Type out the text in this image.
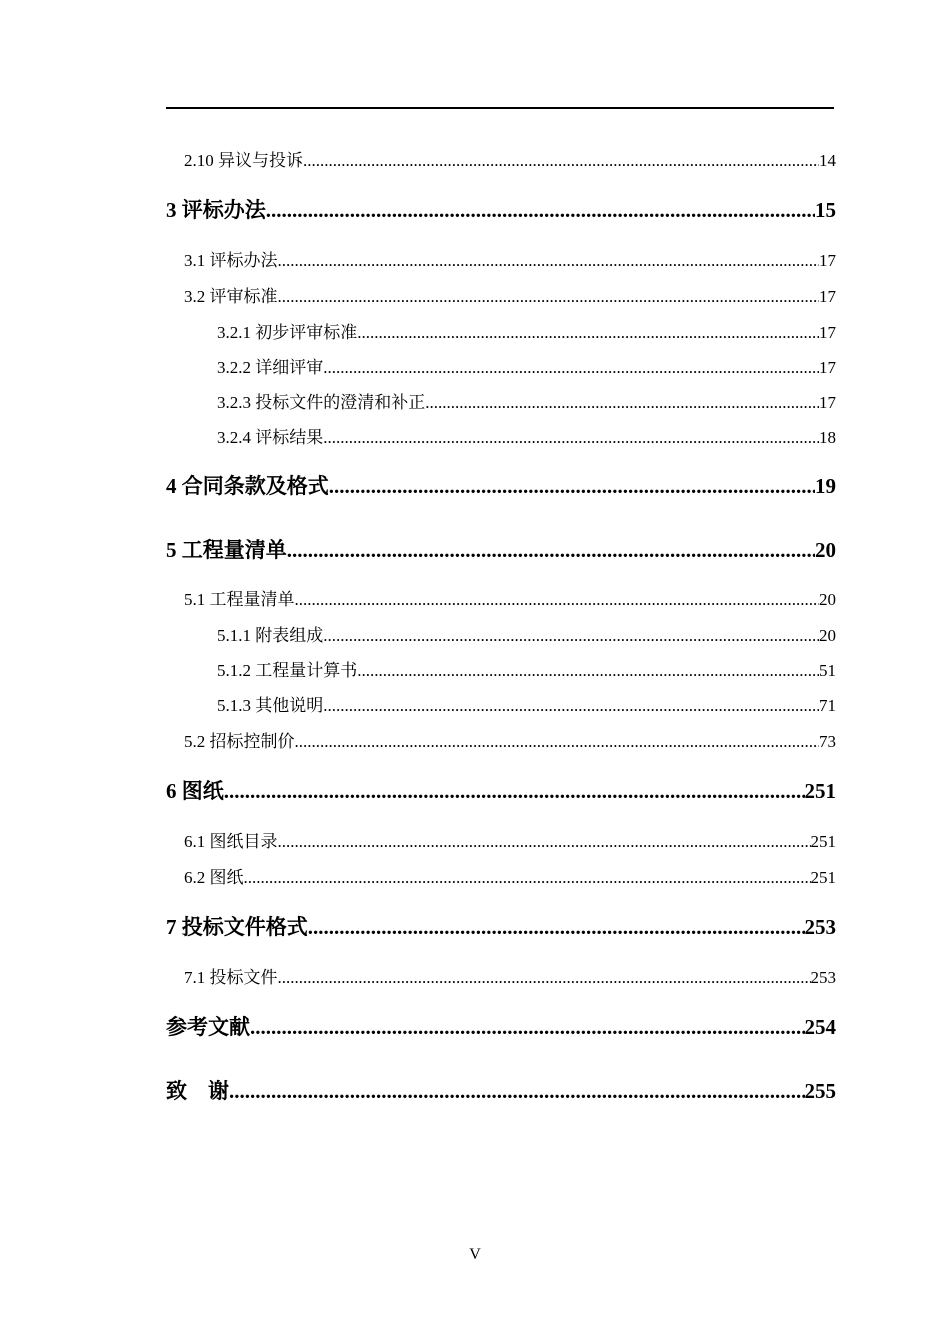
2.10 异议与投诉 .....	14
3 评标办法 .....	15
3.1 评标办法 .....	17
3.2 评审标准 .....	17
3.2.1 初步评审标准 .....	17
3.2.2 详细评审 .....	17
3.2.3 投标文件的澄清和补正 .....	17
3.2.4 评标结果 .....	18
4 合同条款及格式 .....	19
5 工程量清单 .....	20
5.1 工程量清单 .....	20
5.1.1 附表组成 .....	20
5.1.2 工程量计算书 .....	51
5.1.3 其他说明 .....	71
5.2 招标控制价 .....	73
6 图纸 .....	251
6.1 图纸目录 .....	251
6.2 图纸 .....	251
7 投标文件格式 .....	253
7.1 投标文件 .....	253
参考文献 .....	254
致　谢 .....	255
V
